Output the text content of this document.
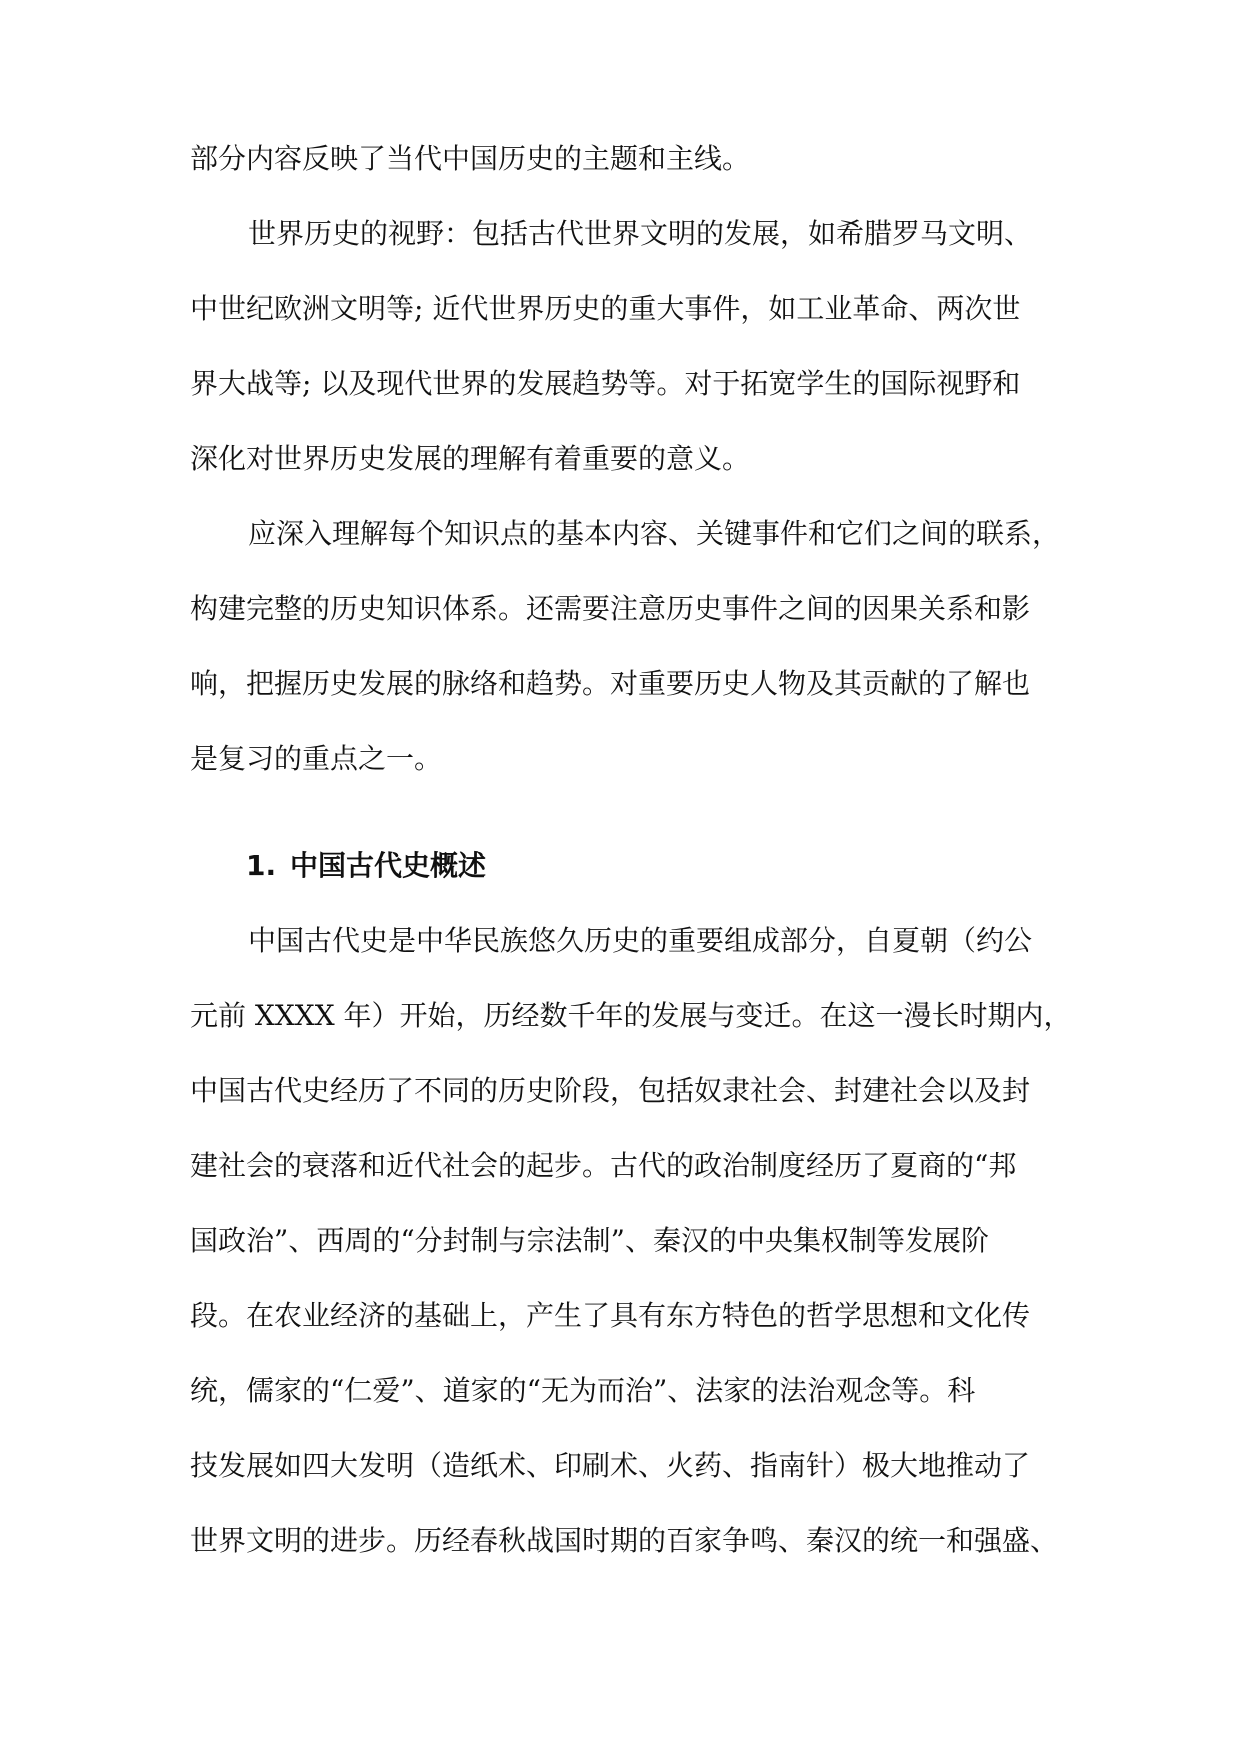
部分内容反映了当代中国历史的主题和主线。
世界历史的视野：包括古代世界文明的发展，如希腊罗马文明、
中世纪欧洲文明等; 近代世界历史的重大事件，如工业革命、两次世
界大战等; 以及现代世界的发展趋势等。对于拓宽学生的国际视野和
深化对世界历史发展的理解有着重要的意义。
应深入理解每个知识点的基本内容、关键事件和它们之间的联系，
构建完整的历史知识体系。还需要注意历史事件之间的因果关系和影
响，把握历史发展的脉络和趋势。对重要历史人物及其贡献的了解也
是复习的重点之一。
1. 中国古代史概述
中国古代史是中华民族悠久历史的重要组成部分，自夏朝（约公
元前 XXXX 年）开始，历经数千年的发展与变迁。在这一漫长时期内，
中国古代史经历了不同的历史阶段，包括奴隶社会、封建社会以及封
建社会的衰落和近代社会的起步。古代的政治制度经历了夏商的“邦
国政治”、西周的“分封制与宗法制”、秦汉的中央集权制等发展阶
段。在农业经济的基础上，产生了具有东方特色的哲学思想和文化传
统，儒家的“仁爱”、道家的“无为而治”、法家的法治观念等。科
技发展如四大发明（造纸术、印刷术、火药、指南针）极大地推动了
世界文明的进步。历经春秋战国时期的百家争鸣、秦汉的统一和强盛、
